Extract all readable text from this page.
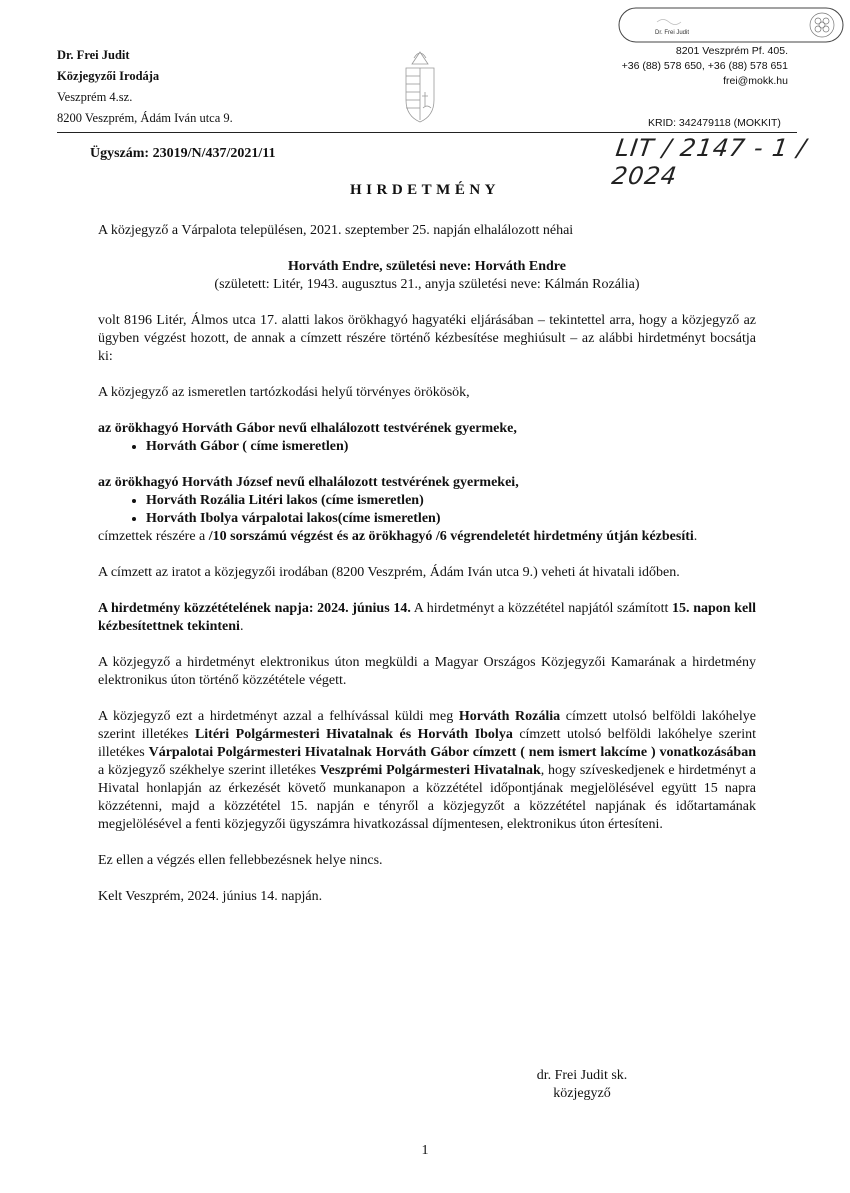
Dr. Frei Judit
Közjegyzői Irodája
Veszprém 4.sz.
8200 Veszprém, Ádám Iván utca 9.
Dr. Frei Judit
8201 Veszprém Pf. 405.
+36 (88) 578 650, +36 (88) 578 651
frei@mokk.hu
KRID: 342479118 (MOKKIT)
Ügyszám: 23019/N/437/2021/11	LIT / 2147 - 1 / 2024
HIRDETMÉNY

A közjegyző a Várpalota településen, 2021. szeptember 25. napján elhalálozott néhai

Horváth Endre, születési neve: Horváth Endre

(született: Litér, 1943. augusztus 21., anyja születési neve: Kálmán Rozália)

volt 8196 Litér, Álmos utca 17. alatti lakos örökhagyó hagyatéki eljárásában – tekintettel arra, hogy a közjegyző az ügyben végzést hozott, de annak a címzett részére történő kézbesítése meghiúsult – az alábbi hirdetményt bocsátja ki:

A közjegyző az ismeretlen tartózkodási helyű törvényes örökösök,

az örökhagyó Horváth Gábor nevű elhalálozott testvérének gyermeke,

• Horváth Gábor ( címe ismeretlen)

az örökhagyó Horváth József nevű elhalálozott testvérének gyermekei,

• Horváth Rozália Litéri lakos (címe ismeretlen)
• Horváth Ibolya várpalotai lakos(címe ismeretlen)

címzettek részére a /10 sorszámú végzést és az örökhagyó /6 végrendeletét hirdetmény útján kézbesíti.

A címzett az iratot a közjegyzői irodában (8200 Veszprém, Ádám Iván utca 9.) veheti át hivatali időben.

A hirdetmény közzétételének napja: 2024. június 14. A hirdetményt a közzététel napjától számított 15. napon kell kézbesítettnek tekinteni.

A közjegyző a hirdetményt elektronikus úton megküldi a Magyar Országos Közjegyzői Kamarának a hirdetmény elektronikus úton történő közzététele végett.

A közjegyző ezt a hirdetményt azzal a felhívással küldi meg Horváth Rozália címzett utolsó belföldi lakóhelye szerint illetékes Litéri Polgármesteri Hivatalnak és Horváth Ibolya címzett utolsó belföldi lakóhelye szerint illetékes Várpalotai Polgármesteri Hivatalnak Horváth Gábor címzett ( nem ismert lakcíme ) vonatkozásában a közjegyző székhelye szerint illetékes Veszprémi Polgármesteri Hivatalnak, hogy szíveskedjenek e hirdetményt a Hivatal honlapján az érkezését követő munkanapon a közzététel időpontjának megjelölésével együtt 15 napra közzétenni, majd a közzététel 15. napján e tényről a közjegyzőt a közzététel napjának és időtartamának megjelölésével a fenti közjegyzői ügyszámra hivatkozással díjmentesen, elektronikus úton értesíteni.

Ez ellen a végzés ellen fellebbezésnek helye nincs.

Kelt Veszprém, 2024. június 14. napján.

dr. Frei Judit sk.
közjegyző
1
